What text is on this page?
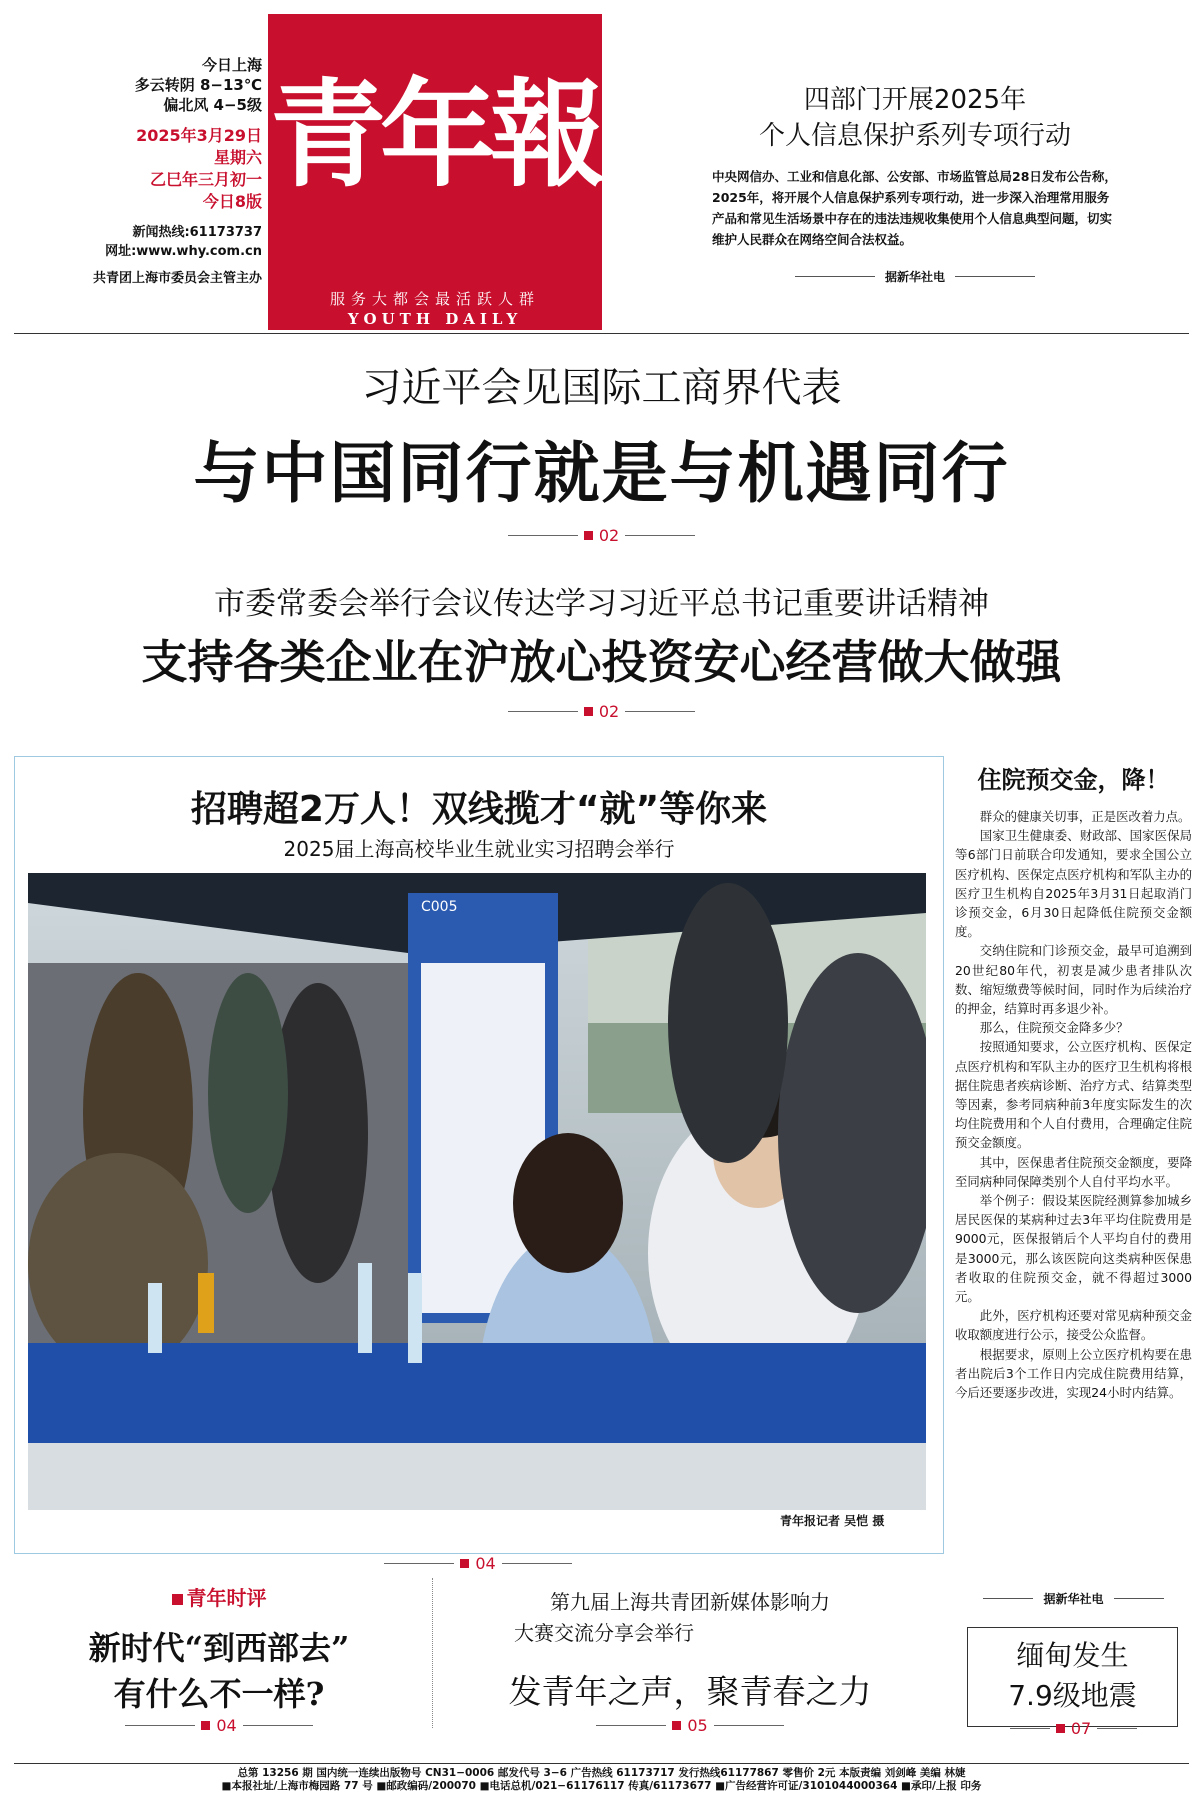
今日上海
多云转阴 8−13℃
偏北风 4−5级
2025年3月29日
星期六
乙巳年三月初一
今日8版
新闻热线:61173737
网址:www.why.com.cn
共青团上海市委员会主管主办
青年報
服务大都会最活跃人群
YOUTH DAILY
四部门开展2025年
个人信息保护系列专项行动
中央网信办、工业和信息化部、公安部、市场监管总局28日发布公告称，2025年，将开展个人信息保护系列专项行动，进一步深入治理常用服务产品和常见生活场景中存在的违法违规收集使用个人信息典型问题，切实维护人民群众在网络空间合法权益。
据新华社电
习近平会见国际工商界代表
与中国同行就是与机遇同行
02
市委常委会举行会议传达学习习近平总书记重要讲话精神
支持各类企业在沪放心投资安心经营做大做强
02
招聘超2万人！双线揽才“就”等你来
2025届上海高校毕业生就业实习招聘会举行
C005
青年报记者 吴恺 摄
04
住院预交金，降！

群众的健康关切事，正是医改着力点。

国家卫生健康委、财政部、国家医保局等6部门日前联合印发通知，要求全国公立医疗机构、医保定点医疗机构和军队主办的医疗卫生机构自2025年3月31日起取消门诊预交金，6月30日起降低住院预交金额度。

交纳住院和门诊预交金，最早可追溯到20世纪80年代，初衷是减少患者排队次数、缩短缴费等候时间，同时作为后续治疗的押金，结算时再多退少补。

那么，住院预交金降多少？

按照通知要求，公立医疗机构、医保定点医疗机构和军队主办的医疗卫生机构将根据住院患者疾病诊断、治疗方式、结算类型等因素，参考同病种前3年度实际发生的次均住院费用和个人自付费用，合理确定住院预交金额度。

其中，医保患者住院预交金额度，要降至同病种同保障类别个人自付平均水平。

举个例子：假设某医院经测算参加城乡居民医保的某病种过去3年平均住院费用是9000元，医保报销后个人平均自付的费用是3000元，那么该医院向这类病种医保患者收取的住院预交金，就不得超过3000元。

此外，医疗机构还要对常见病种预交金收取额度进行公示，接受公众监督。

根据要求，原则上公立医疗机构要在患者出院后3个工作日内完成住院费用结算，今后还要逐步改进，实现24小时内结算。

据新华社电
青年时评
新时代“到西部去”
有什么不一样?
04
第九届上海共青团新媒体影响力
大赛交流分享会举行
发青年之声，聚青春之力
05
缅甸发生
7.9级地震
07
总第 13256 期 国内统一连续出版物号 CN31−0006 邮发代号 3−6 广告热线 61173717 发行热线61177867 零售价 2元 本版责编 刘剑峰 美编 林婕
■本报社址/上海市梅园路 77 号 ■邮政编码/200070 ■电话总机/021−61176117 传真/61173677 ■广告经营许可证/3101044000364 ■承印/上报 印务
